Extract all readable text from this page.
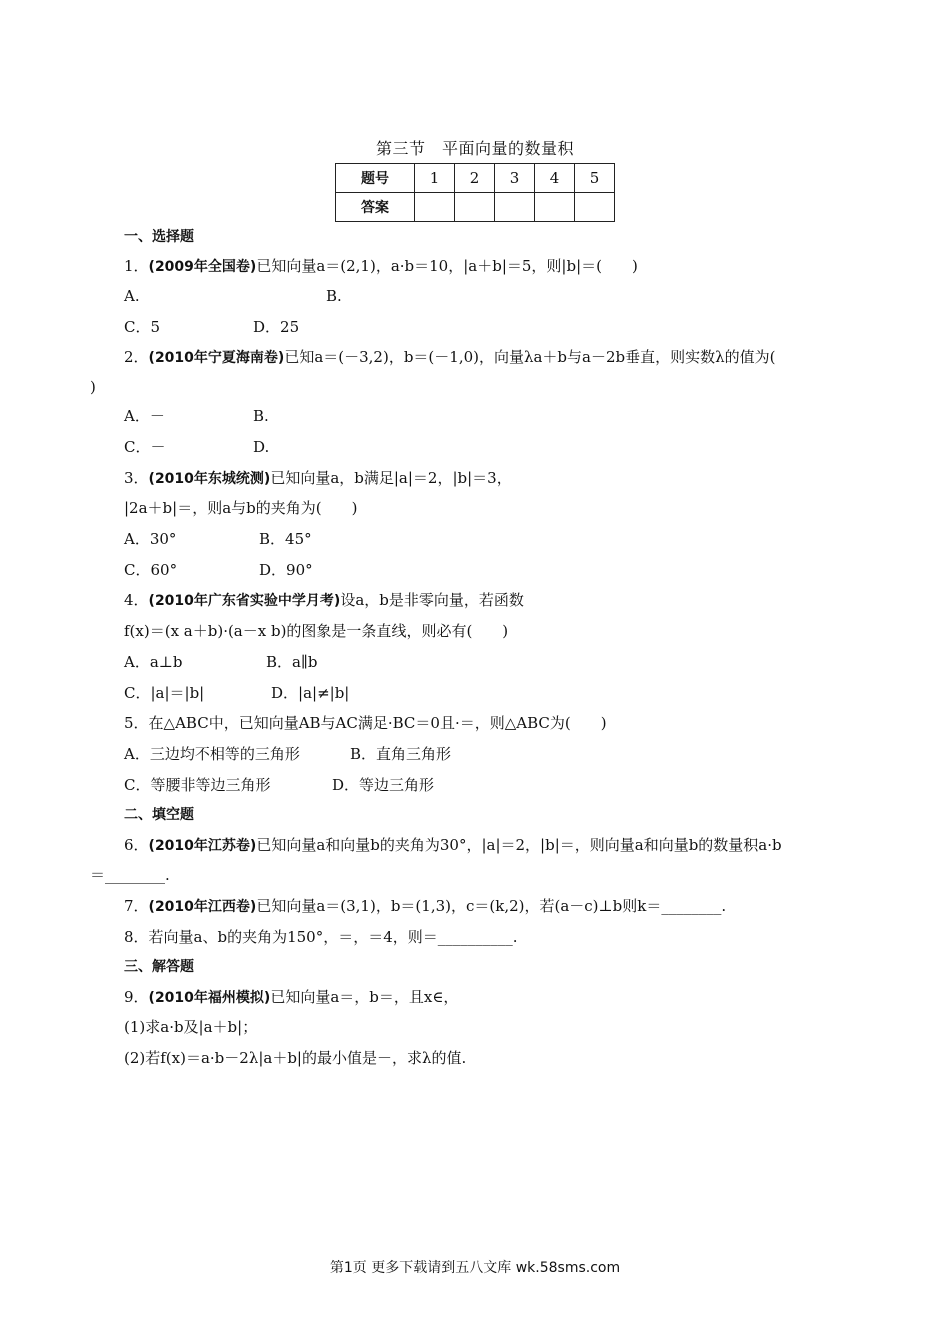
第三节　平面向量的数量积
题号	1	2	3	4	5
答案					
一、选择题
1．(2009年全国卷)已知向量a＝(2,1)，a·b＝10，|a＋b|＝5，则|b|＝(　　)
A.	B.
C．5	D．25
2．(2010年宁夏海南卷)已知a＝(－3,2)，b＝(－1,0)，向量λa＋b与a－2b垂直，则实数λ的值为(
)
A．－	B.
C．－	D.
3．(2010年东城统测)已知向量a，b满足|a|＝2，|b|＝3，
|2a＋b|＝，则a与b的夹角为(　　)
A．30°	B．45°
C．60°	D．90°
4．(2010年广东省实验中学月考)设a，b是非零向量，若函数
f(x)＝(x a＋b)·(a－x b)的图象是一条直线，则必有(　　)
A．a⊥b	B．a∥b
C．|a|＝|b|	D．|a|≠|b|
5．在△ABC中，已知向量AB与AC满足·BC＝0且·＝，则△ABC为(　　)
A．三边均不相等的三角形	B．直角三角形
C．等腰非等边三角形	D．等边三角形
二、填空题
6．(2010年江苏卷)已知向量a和向量b的夹角为30°，|a|＝2，|b|＝，则向量a和向量b的数量积a·b
＝________.
7．(2010年江西卷)已知向量a＝(3,1)，b＝(1,3)，c＝(k,2)，若(a－c)⊥b则k＝________.
8．若向量a、b的夹角为150°，＝，＝4，则＝__________.
三、解答题
9．(2010年福州模拟)已知向量a＝，b＝，且x∈，
(1)求a·b及|a＋b|；
(2)若f(x)＝a·b－2λ|a＋b|的最小值是－，求λ的值.
第1页 更多下载请到五八文库 wk.58sms.com
